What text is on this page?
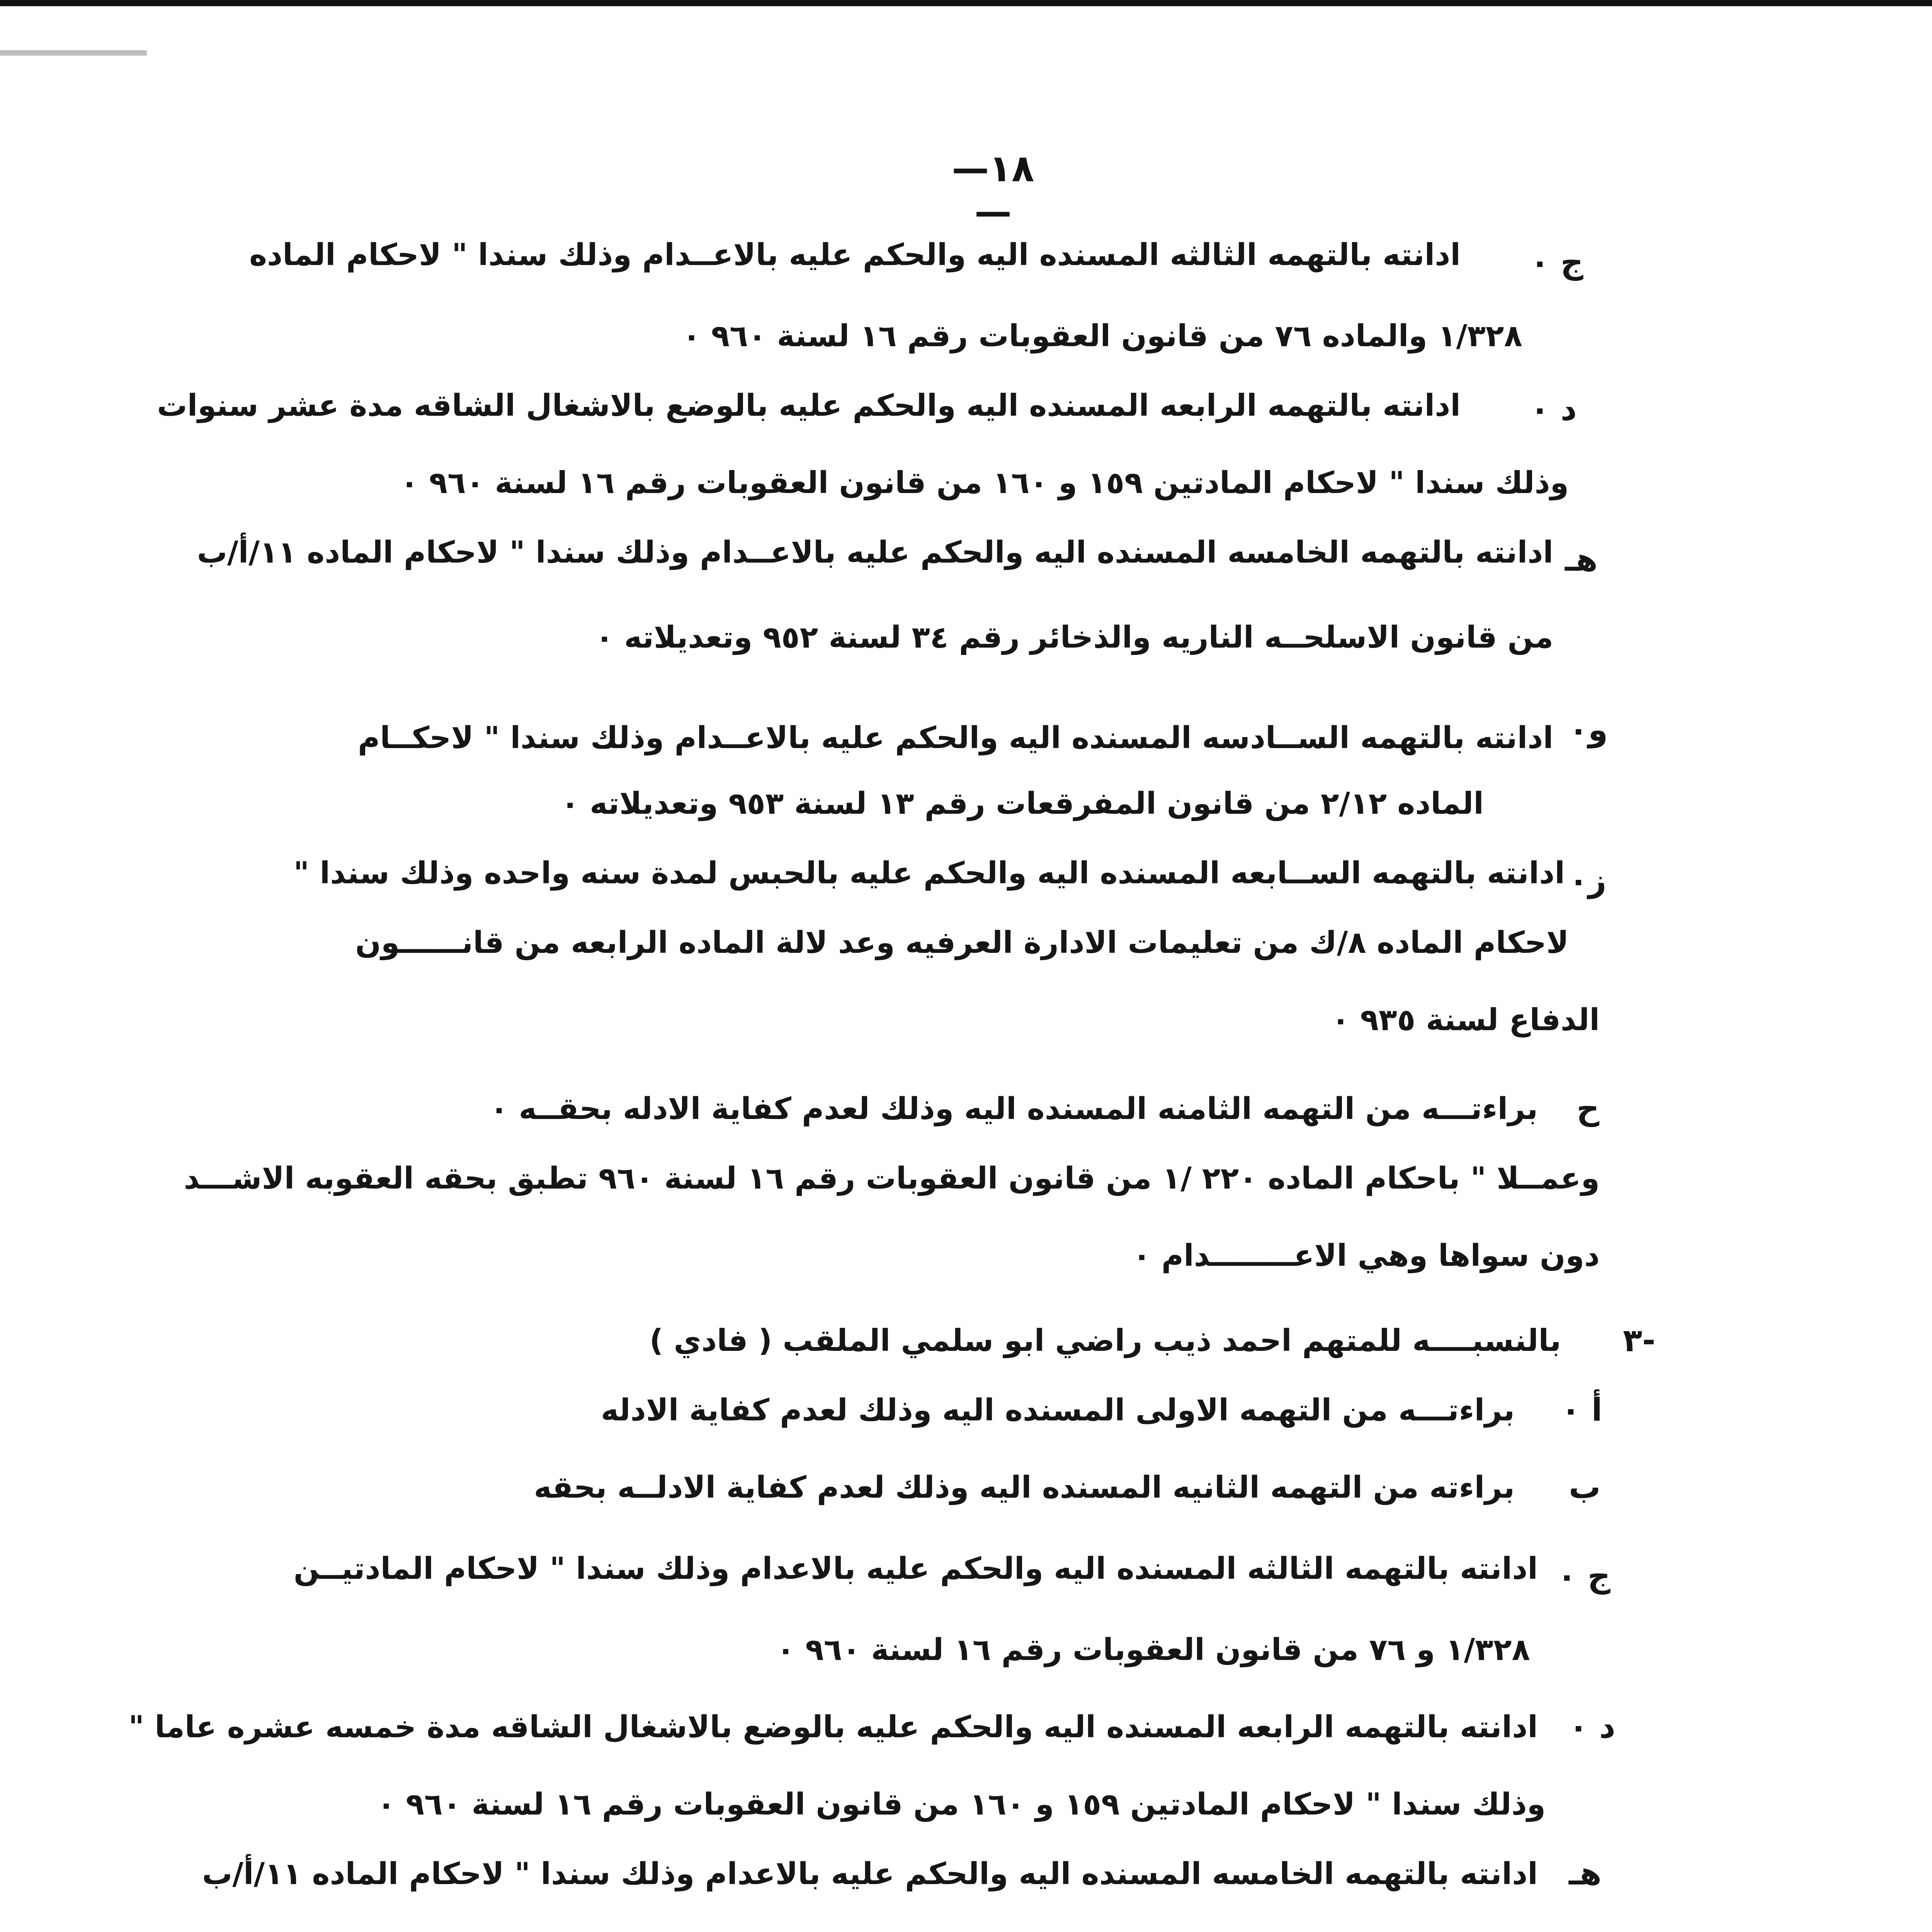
—١٨—
ج ٠
ادانته بالتهمه الثالثه المسنده اليه والحكم عليه بالاعــدام وذلك سندا " لاحكام الماده
١/٣٢٨ والماده ٧٦ من قانون العقوبات رقم ١٦ لسنة ٩٦٠ ٠
د ٠
ادانته بالتهمه الرابعه المسنده اليه والحكم عليه بالوضع بالاشغال الشاقه مدة عشر سنوات
وذلك سندا " لاحكام المادتين ١٥٩ و ١٦٠ من قانون العقوبات رقم ١٦ لسنة ٩٦٠ ٠
هـ
ادانته بالتهمه الخامسه المسنده اليه والحكم عليه بالاعــدام وذلك سندا " لاحكام الماده ١١/أ/ب
من قانون الاسلحــه الناريه والذخائر رقم ٣٤ لسنة ٩٥٢ وتعديلاته ٠
و٠
ادانته بالتهمه الســادسه المسنده اليه والحكم عليه بالاعــدام وذلك سندا " لاحكــام
الماده ٢/١٢ من قانون المفرقعات رقم ١٣ لسنة ٩٥٣ وتعديلاته ٠
ز٠
ادانته بالتهمه الســابعه المسنده اليه والحكم عليه بالحبس لمدة سنه واحده وذلك سندا "
لاحكام الماده ٨/ك من تعليمات الادارة العرفيه وعد لالة الماده الرابعه من قانــــــون
الدفاع لسنة ٩٣٥ ٠
ح
براءتـــه من التهمه الثامنه المسنده اليه وذلك لعدم كفاية الادله بحقــه ٠
وعمــلا " باحكام الماده ٢٢٠ /١ من قانون العقوبات رقم ١٦ لسنة ٩٦٠ تطبق بحقه العقوبه الاشـــد
دون سواها وهي الاعــــــــدام ٠
٣-
بالنسبــــه للمتهم احمد ذيب راضي ابو سلمي الملقب ( فادي )
أ ٠
براءتـــه من التهمه الاولى المسنده اليه وذلك لعدم كفاية الادله
ب
براءته من التهمه الثانيه المسنده اليه وذلك لعدم كفاية الادلــه بحقه
ج ٠
ادانته بالتهمه الثالثه المسنده اليه والحكم عليه بالاعدام وذلك سندا " لاحكام المادتيــن
١/٣٢٨ و ٧٦ من قانون العقوبات رقم ١٦ لسنة ٩٦٠ ٠
د ٠
ادانته بالتهمه الرابعه المسنده اليه والحكم عليه بالوضع بالاشغال الشاقه مدة خمسه عشره عاما "
وذلك سندا " لاحكام المادتين ١٥٩ و ١٦٠ من قانون العقوبات رقم ١٦ لسنة ٩٦٠ ٠
هـ
ادانته بالتهمه الخامسه المسنده اليه والحكم عليه بالاعدام وذلك سندا " لاحكام الماده ١١/أ/ب
